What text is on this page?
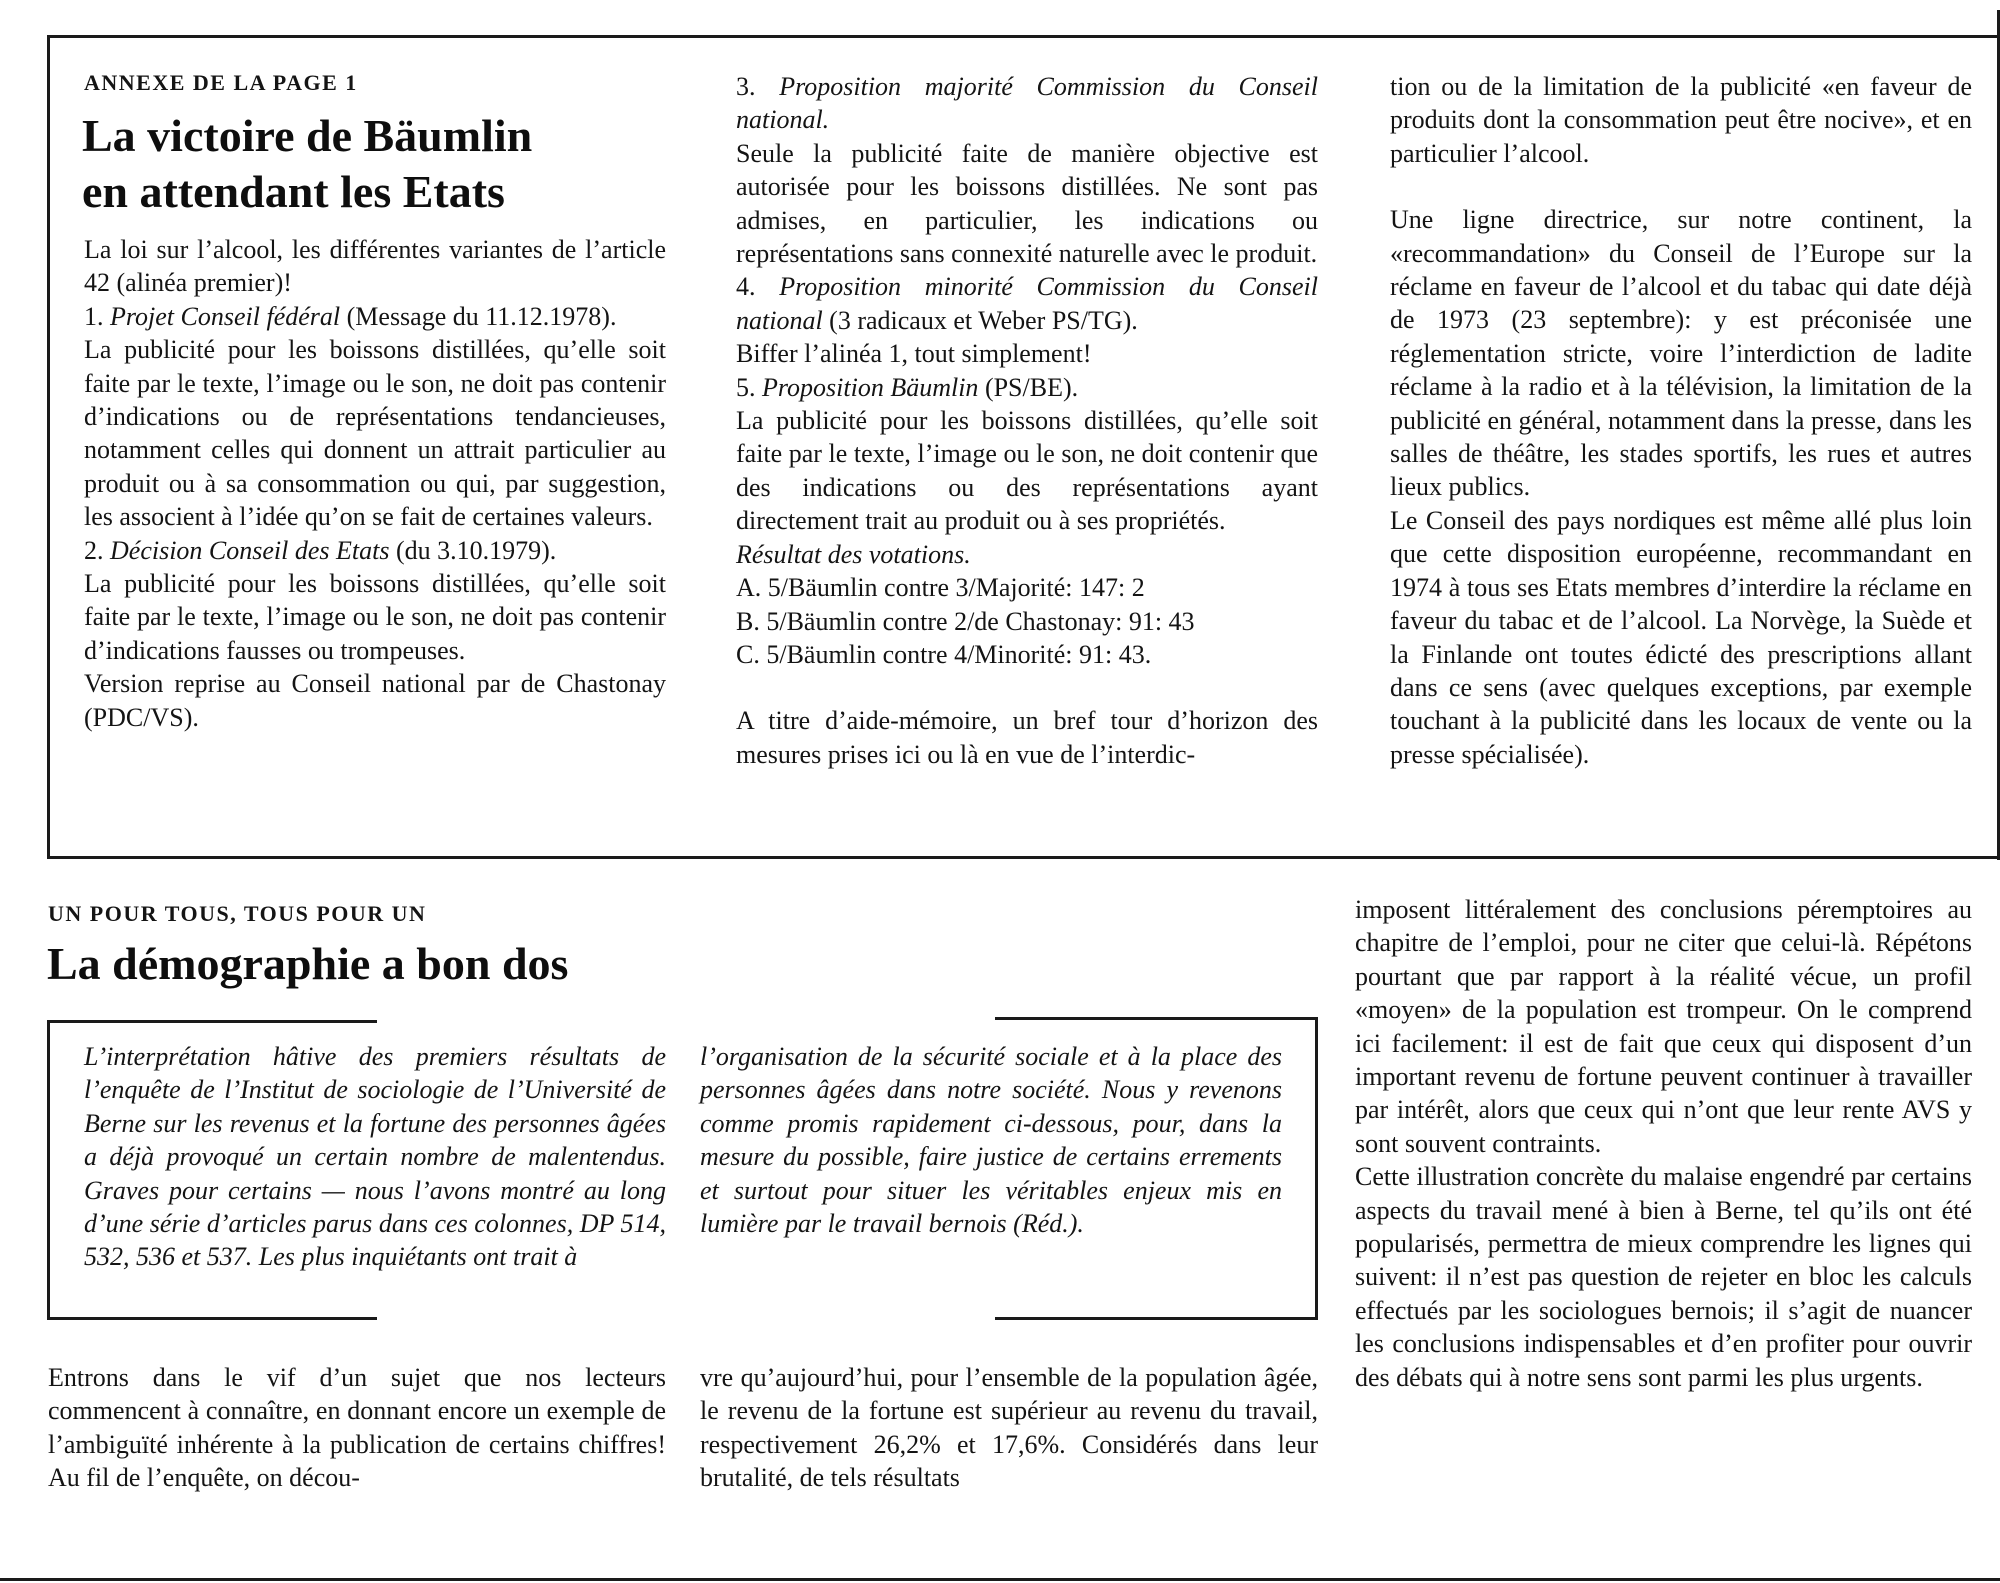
ANNEXE DE LA PAGE 1

La victoire de Bäumlin

en attendant les Etats

La loi sur l’alcool, les différentes variantes de l’article 42 (alinéa premier)!

1. Projet Conseil fédéral (Message du 11.12.1978).

La publicité pour les boissons distillées, qu’elle soit faite par le texte, l’image ou le son, ne doit pas contenir d’indications ou de représentations tendancieuses, notamment celles qui donnent un attrait particulier au produit ou à sa consommation ou qui, par suggestion, les associent à l’idée qu’on se fait de certaines valeurs.

2. Décision Conseil des Etats (du 3.10.1979).

La publicité pour les boissons distillées, qu’elle soit faite par le texte, l’image ou le son, ne doit pas contenir d’indications fausses ou trompeuses.

Version reprise au Conseil national par de Chastonay (PDC/VS).

3. Proposition majorité Commission du Conseil national.

Seule la publicité faite de manière objective est autorisée pour les boissons distillées. Ne sont pas admises, en particulier, les indications ou représentations sans connexité naturelle avec le produit.

4. Proposition minorité Commission du Conseil national (3 radicaux et Weber PS/TG).

Biffer l’alinéa 1, tout simplement!

5. Proposition Bäumlin (PS/BE).

La publicité pour les boissons distillées, qu’elle soit faite par le texte, l’image ou le son, ne doit contenir que des indications ou des représentations ayant directement trait au produit ou à ses propriétés.

Résultat des votations.

A. 5/Bäumlin contre 3/Majorité: 147: 2

B. 5/Bäumlin contre 2/de Chastonay: 91: 43

C. 5/Bäumlin contre 4/Minorité: 91: 43.

A titre d’aide-mémoire, un bref tour d’horizon des mesures prises ici ou là en vue de l’interdic-

tion ou de la limitation de la publicité «en faveur de produits dont la consommation peut être nocive», et en particulier l’alcool.

Une ligne directrice, sur notre continent, la «recommandation» du Conseil de l’Europe sur la réclame en faveur de l’alcool et du tabac qui date déjà de 1973 (23 septembre): y est préconisée une réglementation stricte, voire l’interdiction de ladite réclame à la radio et à la télévision, la limitation de la publicité en général, notamment dans la presse, dans les salles de théâtre, les stades sportifs, les rues et autres lieux publics.

Le Conseil des pays nordiques est même allé plus loin que cette disposition européenne, recommandant en 1974 à tous ses Etats membres d’interdire la réclame en faveur du tabac et de l’alcool. La Norvège, la Suède et la Finlande ont toutes édicté des prescriptions allant dans ce sens (avec quelques exceptions, par exemple touchant à la publicité dans les locaux de vente ou la presse spécialisée).

UN POUR TOUS, TOUS POUR UN

La démographie a bon dos

L’interprétation hâtive des premiers résultats de l’enquête de l’Institut de sociologie de l’Université de Berne sur les revenus et la fortune des personnes âgées a déjà provoqué un certain nombre de malentendus. Graves pour certains — nous l’avons montré au long d’une série d’articles parus dans ces colonnes, DP 514, 532, 536 et 537. Les plus inquiétants ont trait à

l’organisation de la sécurité sociale et à la place des personnes âgées dans notre société. Nous y revenons comme promis rapidement ci-dessous, pour, dans la mesure du possible, faire justice de certains errements et surtout pour situer les véritables enjeux mis en lumière par le travail bernois (Réd.).

Entrons dans le vif d’un sujet que nos lecteurs commencent à connaître, en donnant encore un exemple de l’ambiguïté inhérente à la publication de certains chiffres! Au fil de l’enquête, on décou-

vre qu’aujourd’hui, pour l’ensemble de la population âgée, le revenu de la fortune est supérieur au revenu du travail, respectivement 26,2% et 17,6%. Considérés dans leur brutalité, de tels résultats

imposent littéralement des conclusions péremptoires au chapitre de l’emploi, pour ne citer que celui-là. Répétons pourtant que par rapport à la réalité vécue, un profil «moyen» de la population est trompeur. On le comprend ici facilement: il est de fait que ceux qui disposent d’un important revenu de fortune peuvent continuer à travailler par intérêt, alors que ceux qui n’ont que leur rente AVS y sont souvent contraints.

Cette illustration concrète du malaise engendré par certains aspects du travail mené à bien à Berne, tel qu’ils ont été popularisés, permettra de mieux comprendre les lignes qui suivent: il n’est pas question de rejeter en bloc les calculs effectués par les sociologues bernois; il s’agit de nuancer les conclusions indispensables et d’en profiter pour ouvrir des débats qui à notre sens sont parmi les plus urgents.
